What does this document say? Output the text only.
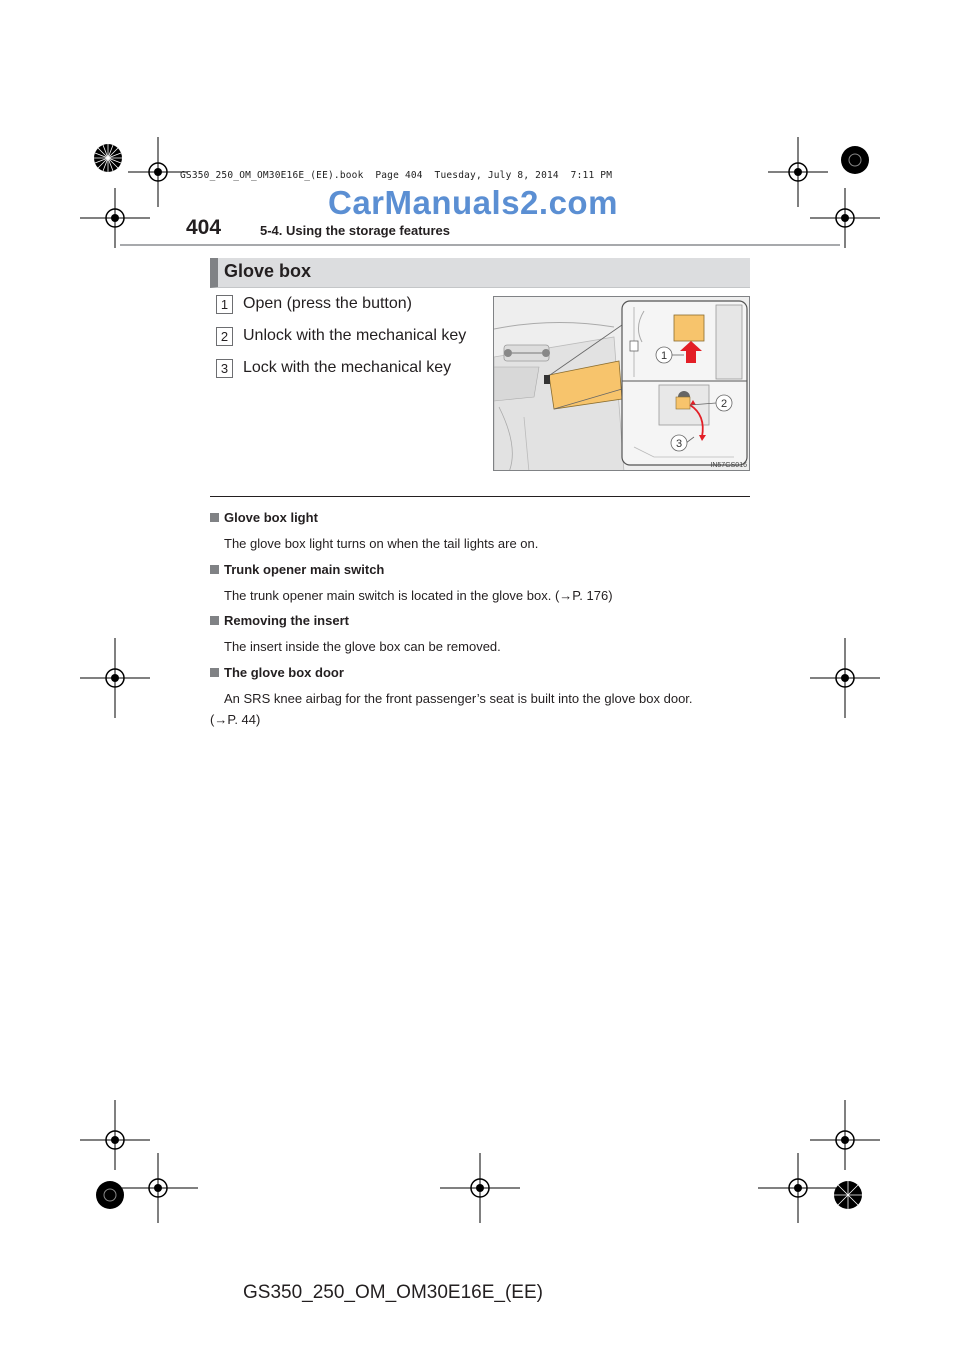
GS350_250_OM_OM30E16E_(EE).book  Page 404  Tuesday, July 8, 2014  7:11 PM
CarManuals2.com
404	5-4. Using the storage features
Glove box
1 Open (press the button)
2 Unlock with the mechanical key
3 Lock with the mechanical key
1
2
3
IN57GS016
Glove box light
The glove box light turns on when the tail lights are on.
Trunk opener main switch
The trunk opener main switch is located in the glove box. (→P. 176)
Removing the insert
The insert inside the glove box can be removed.
The glove box door
An SRS knee airbag for the front passenger’s seat is built into the glove box door.
(→P. 44)
GS350_250_OM_OM30E16E_(EE)
